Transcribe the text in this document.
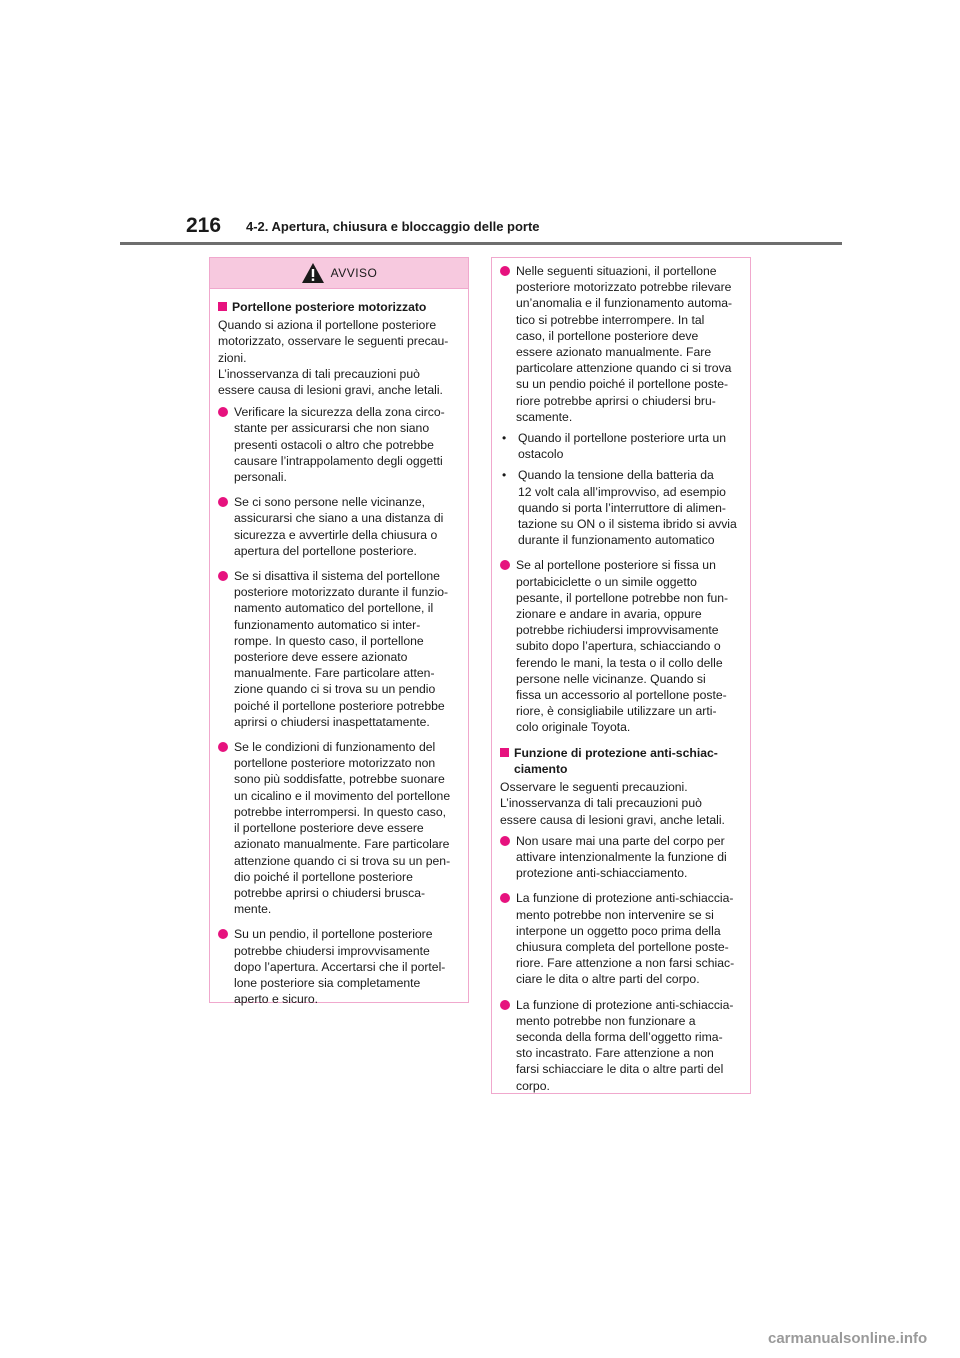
216 4-2. Apertura, chiusura e bloccaggio delle porte
AVVISO
Portellone posteriore motorizzato
Quando si aziona il portellone posteriore
motorizzato, osservare le seguenti precau-
zioni.
L’inosservanza di tali precauzioni può
essere causa di lesioni gravi, anche letali.
Verificare la sicurezza della zona circo-
stante per assicurarsi che non siano
presenti ostacoli o altro che potrebbe
causare l’intrappolamento degli oggetti
personali.
Se ci sono persone nelle vicinanze,
assicurarsi che siano a una distanza di
sicurezza e avvertirle della chiusura o
apertura del portellone posteriore.
Se si disattiva il sistema del portellone
posteriore motorizzato durante il funzio-
namento automatico del portellone, il
funzionamento automatico si inter-
rompe. In questo caso, il portellone
posteriore deve essere azionato
manualmente. Fare particolare atten-
zione quando ci si trova su un pendio
poiché il portellone posteriore potrebbe
aprirsi o chiudersi inaspettatamente.
Se le condizioni di funzionamento del
portellone posteriore motorizzato non
sono più soddisfatte, potrebbe suonare
un cicalino e il movimento del portellone
potrebbe interrompersi. In questo caso,
il portellone posteriore deve essere
azionato manualmente. Fare particolare
attenzione quando ci si trova su un pen-
dio poiché il portellone posteriore
potrebbe aprirsi o chiudersi brusca-
mente.
Su un pendio, il portellone posteriore
potrebbe chiudersi improvvisamente
dopo l’apertura. Accertarsi che il portel-
lone posteriore sia completamente
aperto e sicuro.
Nelle seguenti situazioni, il portellone
posteriore motorizzato potrebbe rilevare
un’anomalia e il funzionamento automa-
tico si potrebbe interrompere. In tal
caso, il portellone posteriore deve
essere azionato manualmente. Fare
particolare attenzione quando ci si trova
su un pendio poiché il portellone poste-
riore potrebbe aprirsi o chiudersi bru-
scamente.
• Quando il portellone posteriore urta un
ostacolo
• Quando la tensione della batteria da
12 volt cala all’improvviso, ad esempio
quando si porta l’interruttore di alimen-
tazione su ON o il sistema ibrido si avvia
durante il funzionamento automatico
Se al portellone posteriore si fissa un
portabiciclette o un simile oggetto
pesante, il portellone potrebbe non fun-
zionare e andare in avaria, oppure
potrebbe richiudersi improvvisamente
subito dopo l’apertura, schiacciando o
ferendo le mani, la testa o il collo delle
persone nelle vicinanze. Quando si
fissa un accessorio al portellone poste-
riore, è consigliabile utilizzare un arti-
colo originale Toyota.
Funzione di protezione anti-schiac-
ciamento
Osservare le seguenti precauzioni.
L’inosservanza di tali precauzioni può
essere causa di lesioni gravi, anche letali.
Non usare mai una parte del corpo per
attivare intenzionalmente la funzione di
protezione anti-schiacciamento.
La funzione di protezione anti-schiaccia-
mento potrebbe non intervenire se si
interpone un oggetto poco prima della
chiusura completa del portellone poste-
riore. Fare attenzione a non farsi schiac-
ciare le dita o altre parti del corpo.
La funzione di protezione anti-schiaccia-
mento potrebbe non funzionare a
seconda della forma dell’oggetto rima-
sto incastrato. Fare attenzione a non
farsi schiacciare le dita o altre parti del
corpo.
carmanualsonline.info
